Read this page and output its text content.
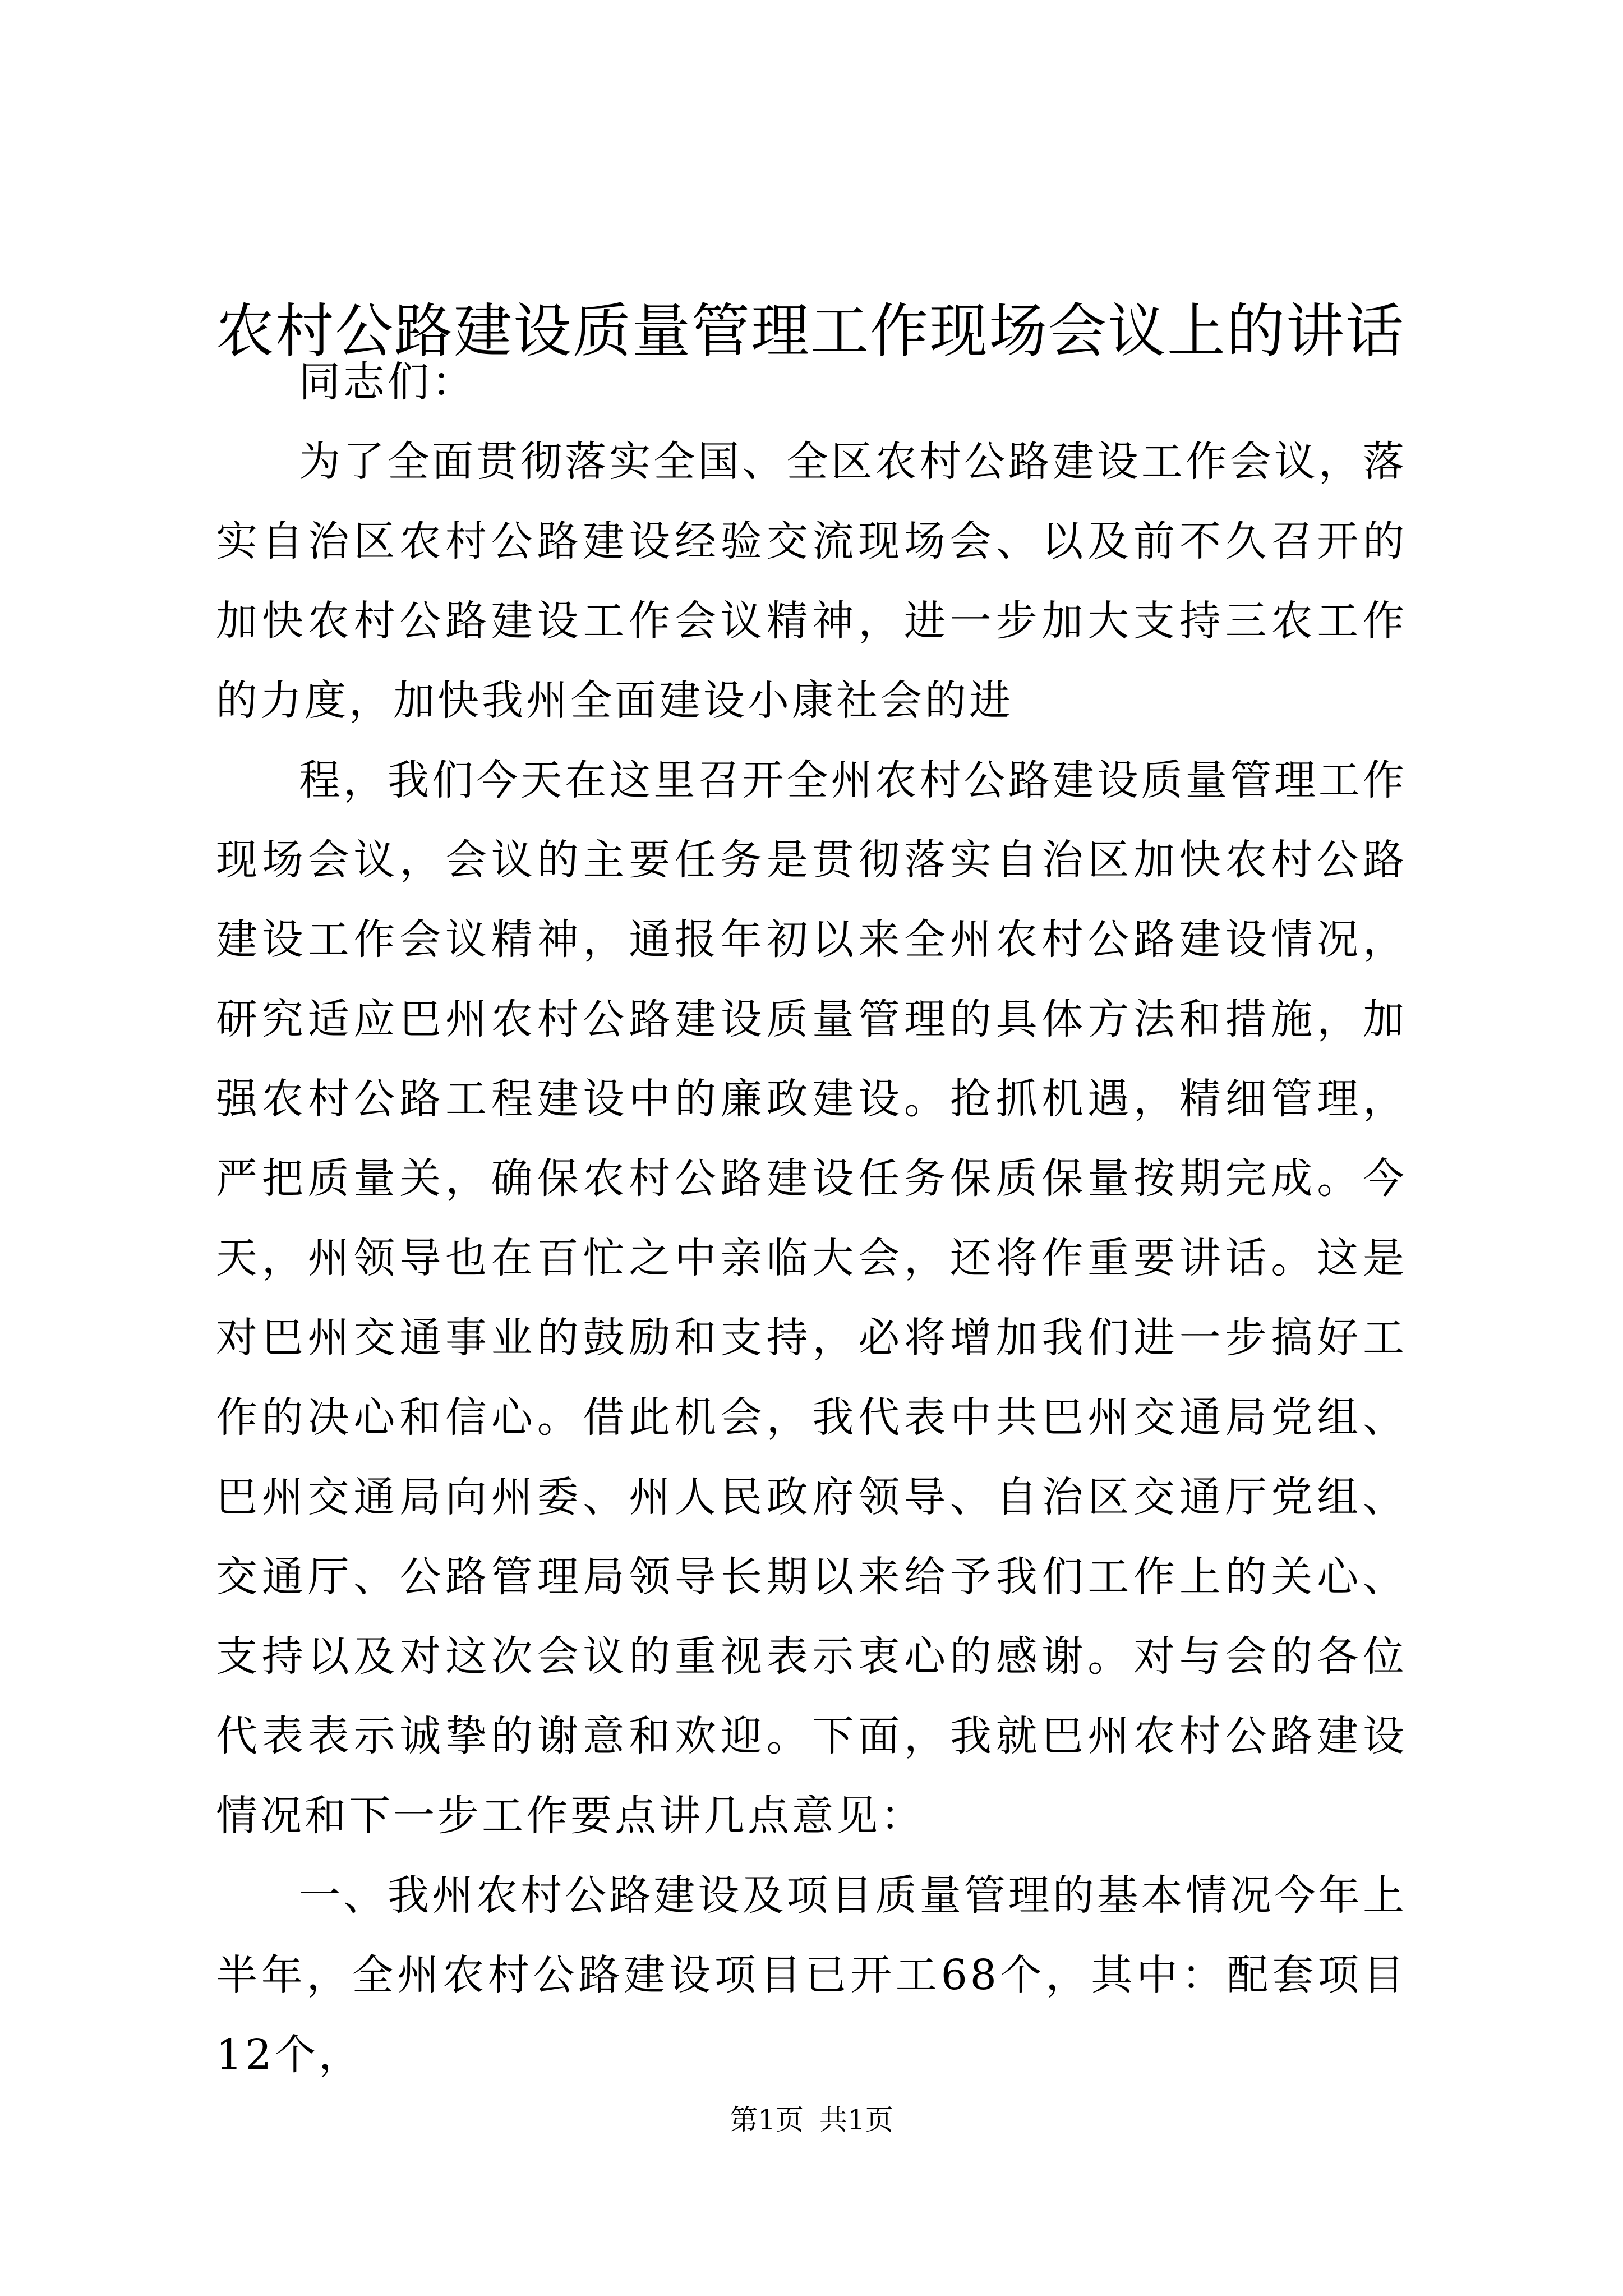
农村公路建设质量管理工作现场会议上的讲话

同志们：

为了全面贯彻落实全国、全区农村公路建设工作会议，落实自治区农村公路建设经验交流现场会、以及前不久召开的加快农村公路建设工作会议精神，进一步加大支持三农工作的力度，加快我州全面建设小康社会的进

程，我们今天在这里召开全州农村公路建设质量管理工作现场会议，会议的主要任务是贯彻落实自治区加快农村公路建设工作会议精神，通报年初以来全州农村公路建设情况，研究适应巴州农村公路建设质量管理的具体方法和措施，加强农村公路工程建设中的廉政建设。抢抓机遇，精细管理，严把质量关，确保农村公路建设任务保质保量按期完成。今天，州领导也在百忙之中亲临大会，还将作重要讲话。这是对巴州交通事业的鼓励和支持，必将增加我们进一步搞好工作的决心和信心。借此机会，我代表中共巴州交通局党组、巴州交通局向州委、州人民政府领导、自治区交通厅党组、交通厅、公路管理局领导长期以来给予我们工作上的关心、支持以及对这次会议的重视表示衷心的感谢。对与会的各位代表表示诚挚的谢意和欢迎。下面，我就巴州农村公路建设情况和下一步工作要点讲几点意见：

一、我州农村公路建设及项目质量管理的基本情况今年上半年，全州农村公路建设项目已开工68个，其中：配套项目12个，

第1页 共1页
